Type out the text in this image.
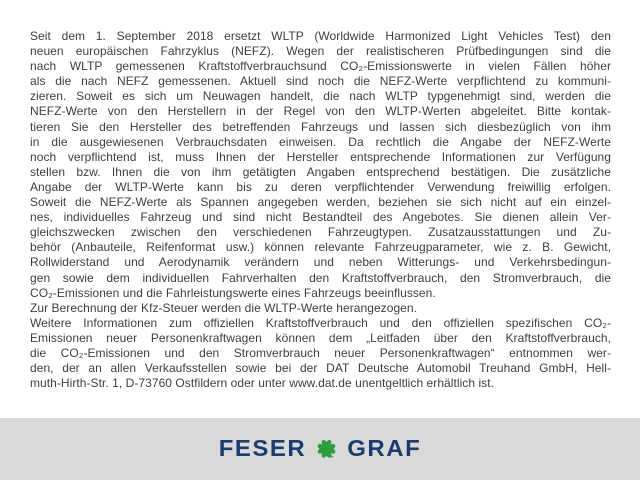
Seit dem 1. September 2018 ersetzt WLTP (Worldwide Harmonized Light Vehicles Test) den
neuen europäischen Fahrzyklus (NEFZ). Wegen der realistischeren Prüfbedingungen sind die
nach WLTP gemessenen Kraftstoffverbrauchsund CO₂-Emissionswerte in vielen Fällen höher
als die nach NEFZ gemessenen. Aktuell sind noch die NEFZ-Werte verpflichtend zu kommuni-
zieren. Soweit es sich um Neuwagen handelt, die nach WLTP typgenehmigt sind, werden die
NEFZ-Werte von den Herstellern in der Regel von den WLTP-Werten abgeleitet. Bitte kontak-
tieren Sie den Hersteller des betreffenden Fahrzeugs und lassen sich diesbezüglich von ihm
in die ausgewiesenen Verbrauchsdaten einweisen. Da rechtlich die Angabe der NEFZ-Werte
noch verpflichtend ist, muss Ihnen der Hersteller entsprechende Informationen zur Verfügung
stellen bzw. Ihnen die von ihm getätigten Angaben entsprechend bestätigen. Die zusätzliche
Angabe der WLTP-Werte kann bis zu deren verpflichtender Verwendung freiwillig erfolgen.
Soweit die NEFZ-Werte als Spannen angegeben werden, beziehen sie sich nicht auf ein einzel-
nes, individuelles Fahrzeug und sind nicht Bestandteil des Angebotes. Sie dienen allein Ver-
gleichszwecken zwischen den verschiedenen Fahrzeugtypen. Zusatzausstattungen und Zu-
behör (Anbauteile, Reifenformat usw.) können relevante Fahrzeugparameter, wie z. B. Gewicht,
Rollwiderstand und Aerodynamik verändern und neben Witterungs- und Verkehrsbedingun-
gen sowie dem individuellen Fahrverhalten den Kraftstoffverbrauch, den Stromverbrauch, die
CO₂-Emissionen und die Fahrleistungswerte eines Fahrzeugs beeinflussen.
Zur Berechnung der Kfz-Steuer werden die WLTP-Werte herangezogen.
Weitere Informationen zum offiziellen Kraftstoffverbrauch und den offiziellen spezifischen CO₂-
Emissionen neuer Personenkraftwagen können dem „Leitfaden über den Kraftstoffverbrauch,
die CO₂-Emissionen und den Stromverbrauch neuer Personenkraftwagen“ entnommen wer-
den, der an allen Verkaufsstellen sowie bei der DAT Deutsche Automobil Treuhand GmbH, Hell-
muth-Hirth-Str. 1, D-73760 Ostfildern oder unter www.dat.de unentgeltlich erhältlich ist.
FESER GRAF
